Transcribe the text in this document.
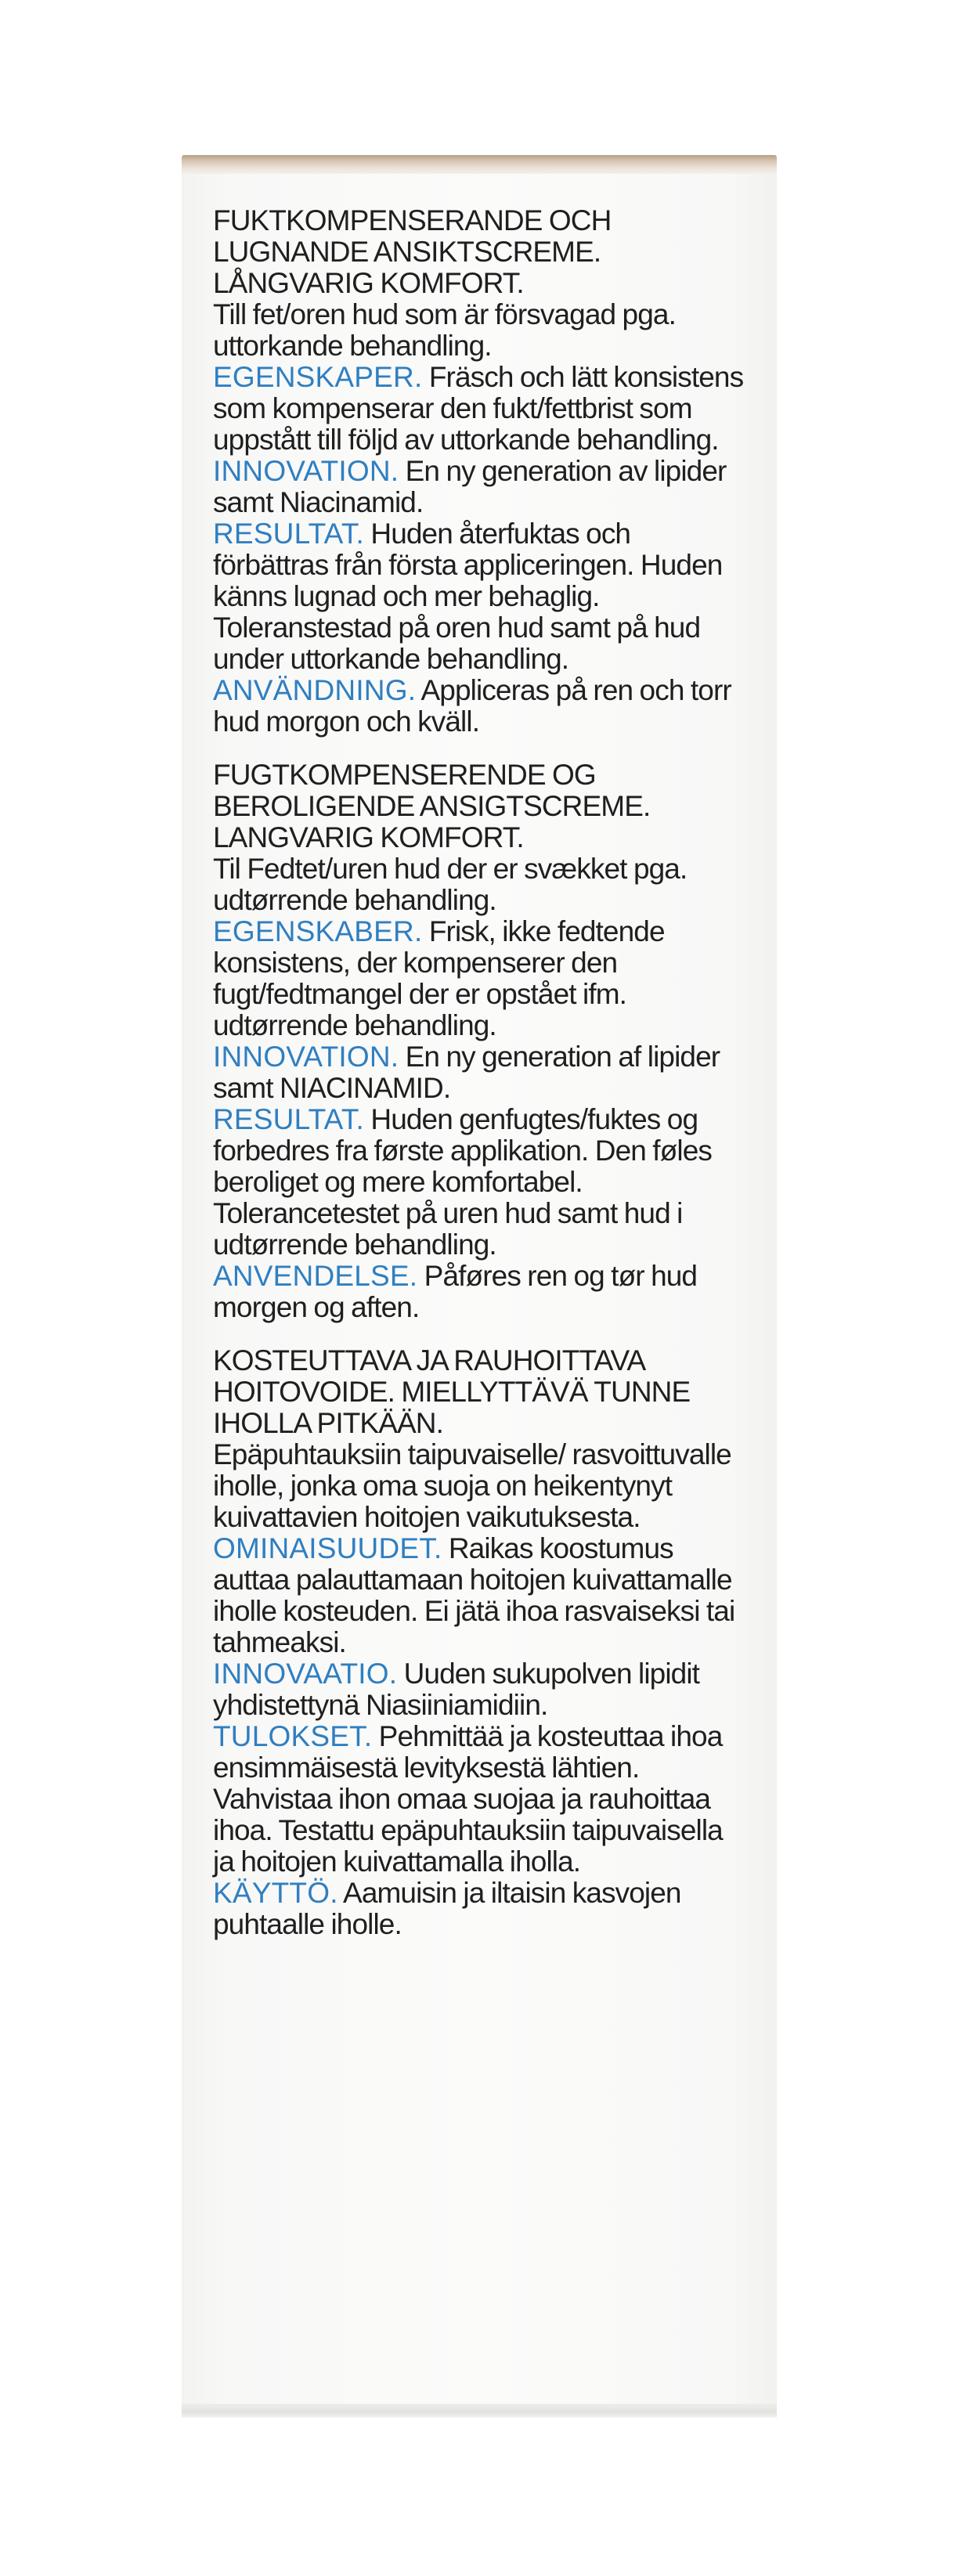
FUKTKOMPENSERANDE OCH LUGNANDE ANSIKTSCREME. LÅNGVARIG KOMFORT.

Till fet/oren hud som är försvagad pga. uttorkande behandling.

EGENSKAPER. Fräsch och lätt konsistens som kompenserar den fukt/fettbrist som uppstått till följd av uttorkande behandling.

INNOVATION. En ny generation av lipider samt Niacinamid.

RESULTAT. Huden återfuktas och förbättras från första appliceringen. Huden känns lugnad och mer behaglig. Toleranstestad på oren hud samt på hud under uttorkande behandling.

ANVÄNDNING. Appliceras på ren och torr hud morgon och kväll.

FUGTKOMPENSERENDE OG BEROLIGENDE ANSIGTSCREME. LANGVARIG KOMFORT.

Til Fedtet/uren hud der er svækket pga. udtørrende behandling.

EGENSKABER. Frisk, ikke fedtende konsistens, der kompenserer den fugt/fedtmangel der er opstået ifm. udtørrende behandling.

INNOVATION. En ny generation af lipider samt NIACINAMID.

RESULTAT. Huden genfugtes/fuktes og forbedres fra første applikation. Den føles beroliget og mere komfortabel. Tolerancetestet på uren hud samt hud i udtørrende behandling.

ANVENDELSE. Påføres ren og tør hud morgen og aften.

KOSTEUTTAVA JA RAUHOITTAVA HOITOVOIDE. MIELLYTTÄVÄ TUNNE IHOLLA PITKÄÄN.

Epäpuhtauksiin taipuvaiselle/ rasvoittuvalle iholle, jonka oma suoja on heikentynyt kuivattavien hoitojen vaikutuksesta.

OMINAISUUDET. Raikas koostumus auttaa palauttamaan hoitojen kuivattamalle iholle kosteuden. Ei jätä ihoa rasvaiseksi tai tahmeaksi.

INNOVAATIO. Uuden sukupolven lipidit yhdistettynä Niasiiniamidiin.

TULOKSET. Pehmittää ja kosteuttaa ihoa ensimmäisestä levityksestä lähtien. Vahvistaa ihon omaa suojaa ja rauhoittaa ihoa. Testattu epäpuhtauksiin taipuvaisella ja hoitojen kuivattamalla iholla.

KÄYTTÖ. Aamuisin ja iltaisin kasvojen puhtaalle iholle.
